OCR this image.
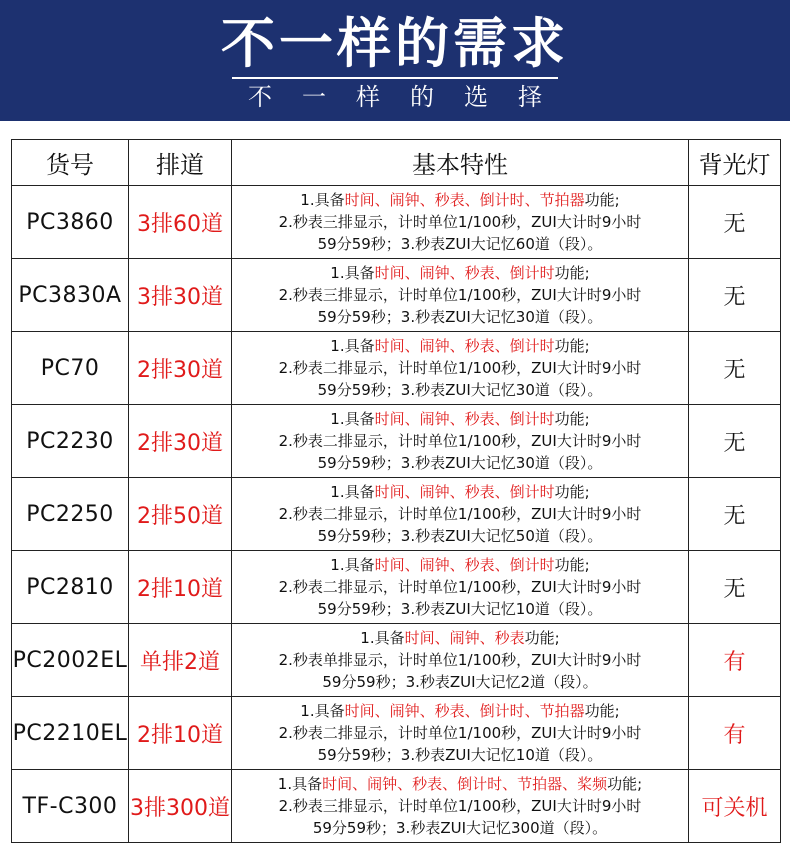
不一样的需求
不一样的选择
货号	排道	基本特性	背光灯
PC3860	3排60道	1.具备时间、闹钟、秒表、倒计时、节拍器功能;
2.秒表三排显示，计时单位1/100秒，ZUI大计时9小时
59分59秒；3.秒表ZUI大记忆60道（段）。	无
PC3830A	3排30道	1.具备时间、闹钟、秒表、倒计时功能;
2.秒表三排显示，计时单位1/100秒，ZUI大计时9小时
59分59秒；3.秒表ZUI大记忆30道（段）。	无
PC70	2排30道	1.具备时间、闹钟、秒表、倒计时功能;
2.秒表二排显示，计时单位1/100秒，ZUI大计时9小时
59分59秒；3.秒表ZUI大记忆30道（段）。	无
PC2230	2排30道	1.具备时间、闹钟、秒表、倒计时功能;
2.秒表二排显示，计时单位1/100秒，ZUI大计时9小时
59分59秒；3.秒表ZUI大记忆30道（段）。	无
PC2250	2排50道	1.具备时间、闹钟、秒表、倒计时功能;
2.秒表二排显示，计时单位1/100秒，ZUI大计时9小时
59分59秒；3.秒表ZUI大记忆50道（段）。	无
PC2810	2排10道	1.具备时间、闹钟、秒表、倒计时功能;
2.秒表二排显示，计时单位1/100秒，ZUI大计时9小时
59分59秒；3.秒表ZUI大记忆10道（段）。	无
PC2002EL	单排2道	1.具备时间、闹钟、秒表功能;
2.秒表单排显示，计时单位1/100秒，ZUI大计时9小时
59分59秒；3.秒表ZUI大记忆2道（段）。	有
PC2210EL	2排10道	1.具备时间、闹钟、秒表、倒计时、节拍器功能;
2.秒表二排显示，计时单位1/100秒，ZUI大计时9小时
59分59秒；3.秒表ZUI大记忆10道（段）。	有
TF-C300	3排300道	1.具备时间、闹钟、秒表、倒计时、节拍器、桨频功能;
2.秒表三排显示，计时单位1/100秒，ZUI大计时9小时
59分59秒；3.秒表ZUI大记忆300道（段）。	可关机
